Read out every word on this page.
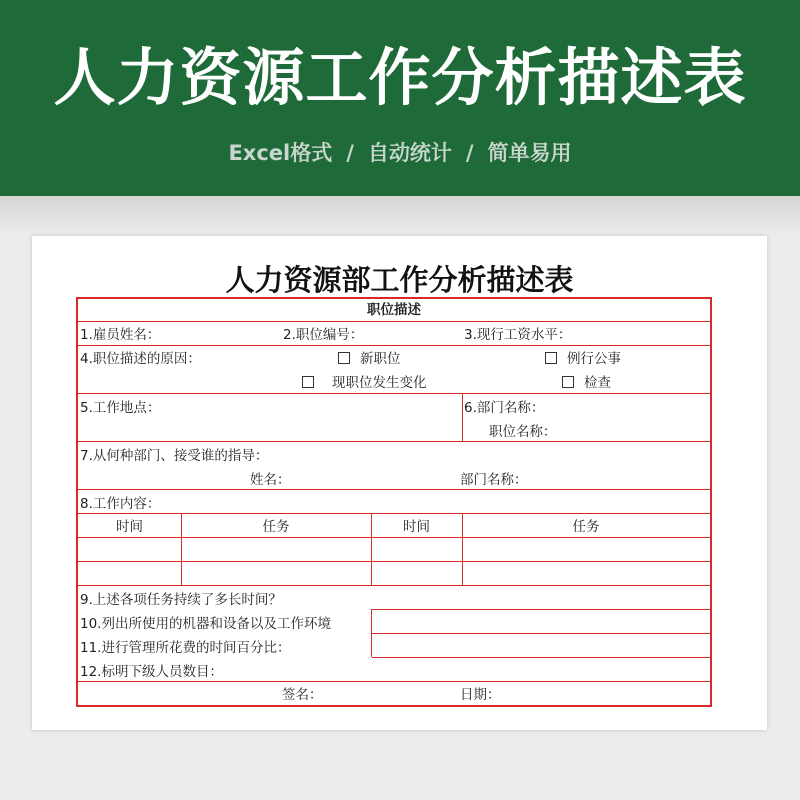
人力资源工作分析描述表
Excel格式 / 自动统计 / 简单易用
人力资源部工作分析描述表
职位描述
1.雇员姓名：	2.职位编号：	3.现行工资水平：
4.职位描述的原因：	新职位	例行公事
现职位发生变化	检查
5.工作地点：	6.部门名称：
职位名称：
7.从何种部门、接受谁的指导：
姓名：	部门名称：
8.工作内容：
时间	任务	时间	任务
9.上述各项任务持续了多长时间？
10.列出所使用的机器和设备以及工作环境
11.进行管理所花费的时间百分比：
12.标明下级人员数目：
签名：	日期：
